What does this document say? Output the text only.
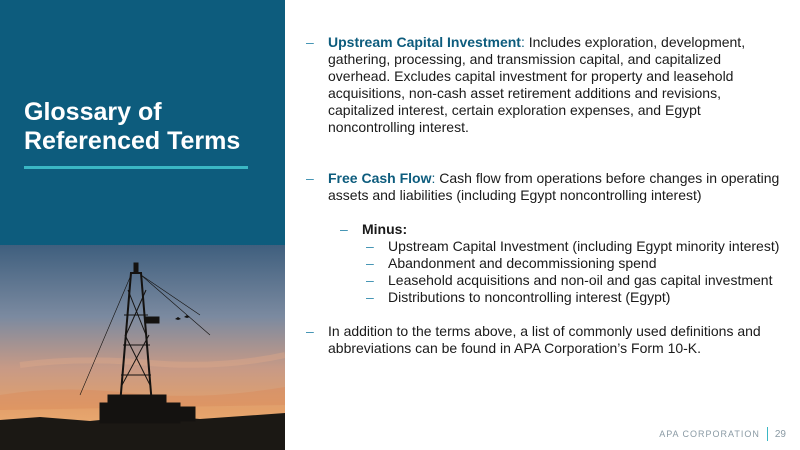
Glossary of Referenced Terms
– Upstream Capital Investment: Includes exploration, development, gathering, processing, and transmission capital, and capitalized overhead. Excludes capital investment for property and leasehold acquisitions, non-cash asset retirement additions and revisions, capitalized interest, certain exploration expenses, and Egypt noncontrolling interest.
– Free Cash Flow: Cash flow from operations before changes in operating assets and liabilities (including Egypt noncontrolling interest)
– Minus:
– Upstream Capital Investment (including Egypt minority interest)
– Abandonment and decommissioning spend
– Leasehold acquisitions and non-oil and gas capital investment
– Distributions to noncontrolling interest (Egypt)
– In addition to the terms above, a list of commonly used definitions and abbreviations can be found in APA Corporation’s Form 10-K.
APA CORPORATION 29
